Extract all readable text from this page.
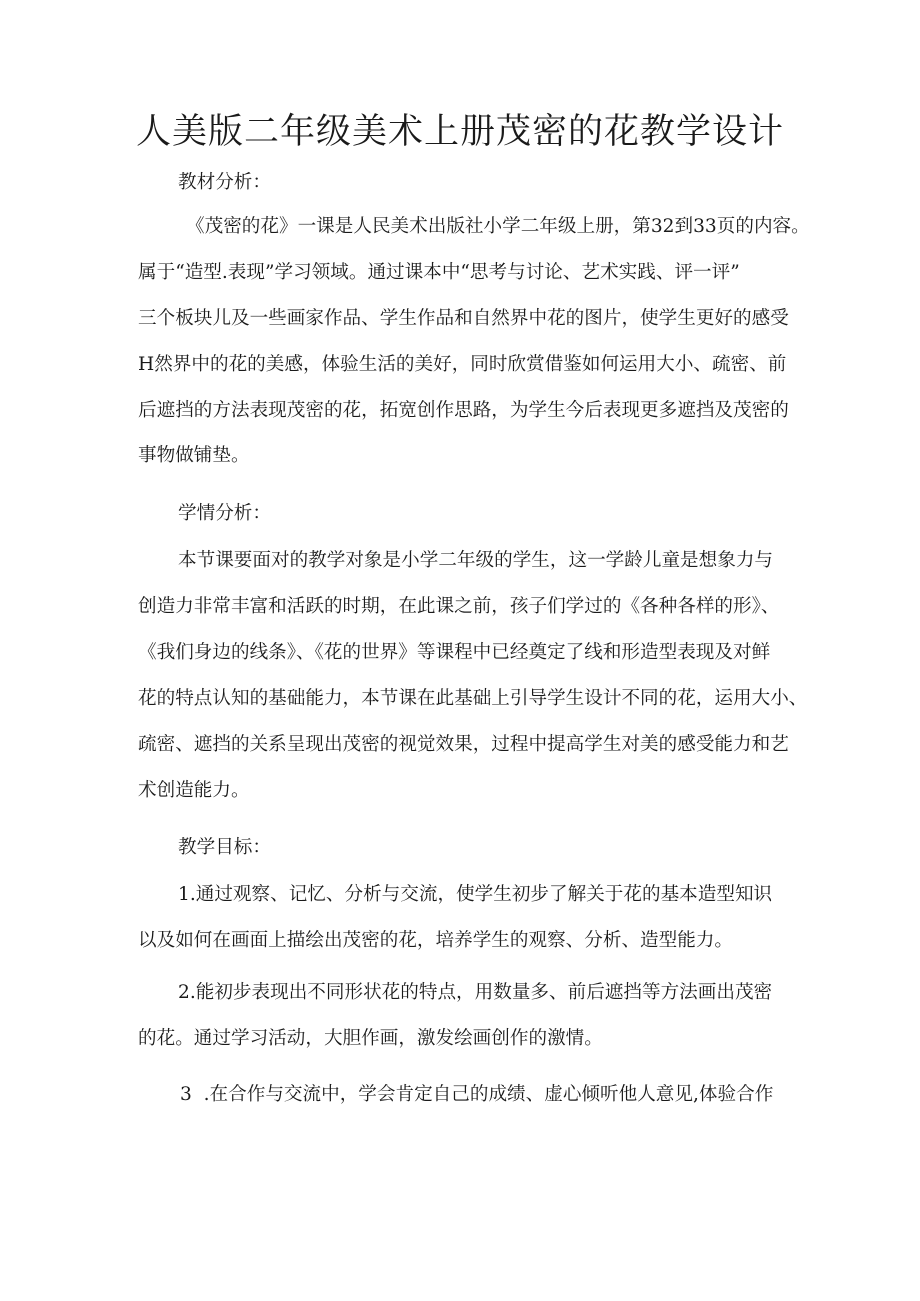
人美版二年级美术上册茂密的花教学设计

教材分析：

《茂密的花》一课是人民美术出版社小学二年级上册，第32到33页的内容。

属于“造型.表现”学习领域。通过课本中“思考与讨论、艺术实践、评一评”

三个板块儿及一些画家作品、学生作品和自然界中花的图片，使学生更好的感受

H然界中的花的美感，体验生活的美好，同时欣赏借鉴如何运用大小、疏密、前

后遮挡的方法表现茂密的花，拓宽创作思路，为学生今后表现更多遮挡及茂密的

事物做铺垫。

学情分析：

本节课要面对的教学对象是小学二年级的学生，这一学龄儿童是想象力与

创造力非常丰富和活跃的时期，在此课之前，孩子们学过的《各种各样的形》、

《我们身边的线条》、《花的世界》等课程中已经奠定了线和形造型表现及对鲜

花的特点认知的基础能力，本节课在此基础上引导学生设计不同的花，运用大小、

疏密、遮挡的关系呈现出茂密的视觉效果，过程中提高学生对美的感受能力和艺

术创造能力。

教学目标：

1.通过观察、记忆、分析与交流，使学生初步了解关于花的基本造型知识

以及如何在画面上描绘出茂密的花，培养学生的观察、分析、造型能力。

2.能初步表现出不同形状花的特点，用数量多、前后遮挡等方法画出茂密

的花。通过学习活动，大胆作画，激发绘画创作的激情。

3  .在合作与交流中，学会肯定自己的成绩、虚心倾听他人意见,体验合作
